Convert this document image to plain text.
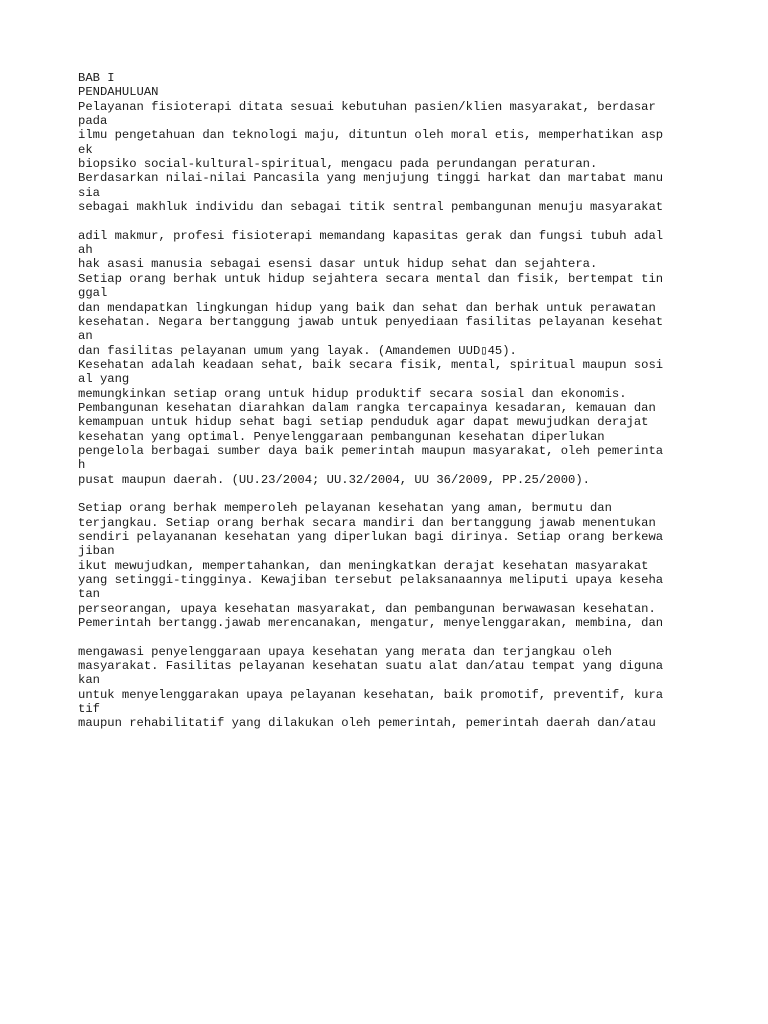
BAB I
PENDAHULUAN
Pelayanan fisioterapi ditata sesuai kebutuhan pasien/klien masyarakat, berdasar
pada
ilmu pengetahuan dan teknologi maju, dituntun oleh moral etis, memperhatikan asp
ek
biopsiko social-kultural-spiritual, mengacu pada perundangan peraturan.
Berdasarkan nilai-nilai Pancasila yang menjujung tinggi harkat dan martabat manu
sia
sebagai makhluk individu dan sebagai titik sentral pembangunan menuju masyarakat
adil makmur, profesi fisioterapi memandang kapasitas gerak dan fungsi tubuh adal
ah
hak asasi manusia sebagai esensi dasar untuk hidup sehat dan sejahtera.
Setiap orang berhak untuk hidup sejahtera secara mental dan fisik, bertempat tin
ggal
dan mendapatkan lingkungan hidup yang baik dan sehat dan berhak untuk perawatan
kesehatan. Negara bertanggung jawab untuk penyediaan fasilitas pelayanan kesehat
an
dan fasilitas pelayanan umum yang layak. (Amandemen UUD▯45).
Kesehatan adalah keadaan sehat, baik secara fisik, mental, spiritual maupun sosi
al yang
memungkinkan setiap orang untuk hidup produktif secara sosial dan ekonomis.
Pembangunan kesehatan diarahkan dalam rangka tercapainya kesadaran, kemauan dan
kemampuan untuk hidup sehat bagi setiap penduduk agar dapat mewujudkan derajat
kesehatan yang optimal. Penyelenggaraan pembangunan kesehatan diperlukan
pengelola berbagai sumber daya baik pemerintah maupun masyarakat, oleh pemerinta
h
pusat maupun daerah. (UU.23/2004; UU.32/2004, UU 36/2009, PP.25/2000).
Setiap orang berhak memperoleh pelayanan kesehatan yang aman, bermutu dan
terjangkau. Setiap orang berhak secara mandiri dan bertanggung jawab menentukan
sendiri pelayananan kesehatan yang diperlukan bagi dirinya. Setiap orang berkewa
jiban
ikut mewujudkan, mempertahankan, dan meningkatkan derajat kesehatan masyarakat
yang setinggi-tingginya. Kewajiban tersebut pelaksanaannya meliputi upaya keseha
tan
perseorangan, upaya kesehatan masyarakat, dan pembangunan berwawasan kesehatan.
Pemerintah bertangg.jawab merencanakan, mengatur, menyelenggarakan, membina, dan
mengawasi penyelenggaraan upaya kesehatan yang merata dan terjangkau oleh
masyarakat. Fasilitas pelayanan kesehatan suatu alat dan/atau tempat yang diguna
kan
untuk menyelenggarakan upaya pelayanan kesehatan, baik promotif, preventif, kura
tif
maupun rehabilitatif yang dilakukan oleh pemerintah, pemerintah daerah dan/atau
